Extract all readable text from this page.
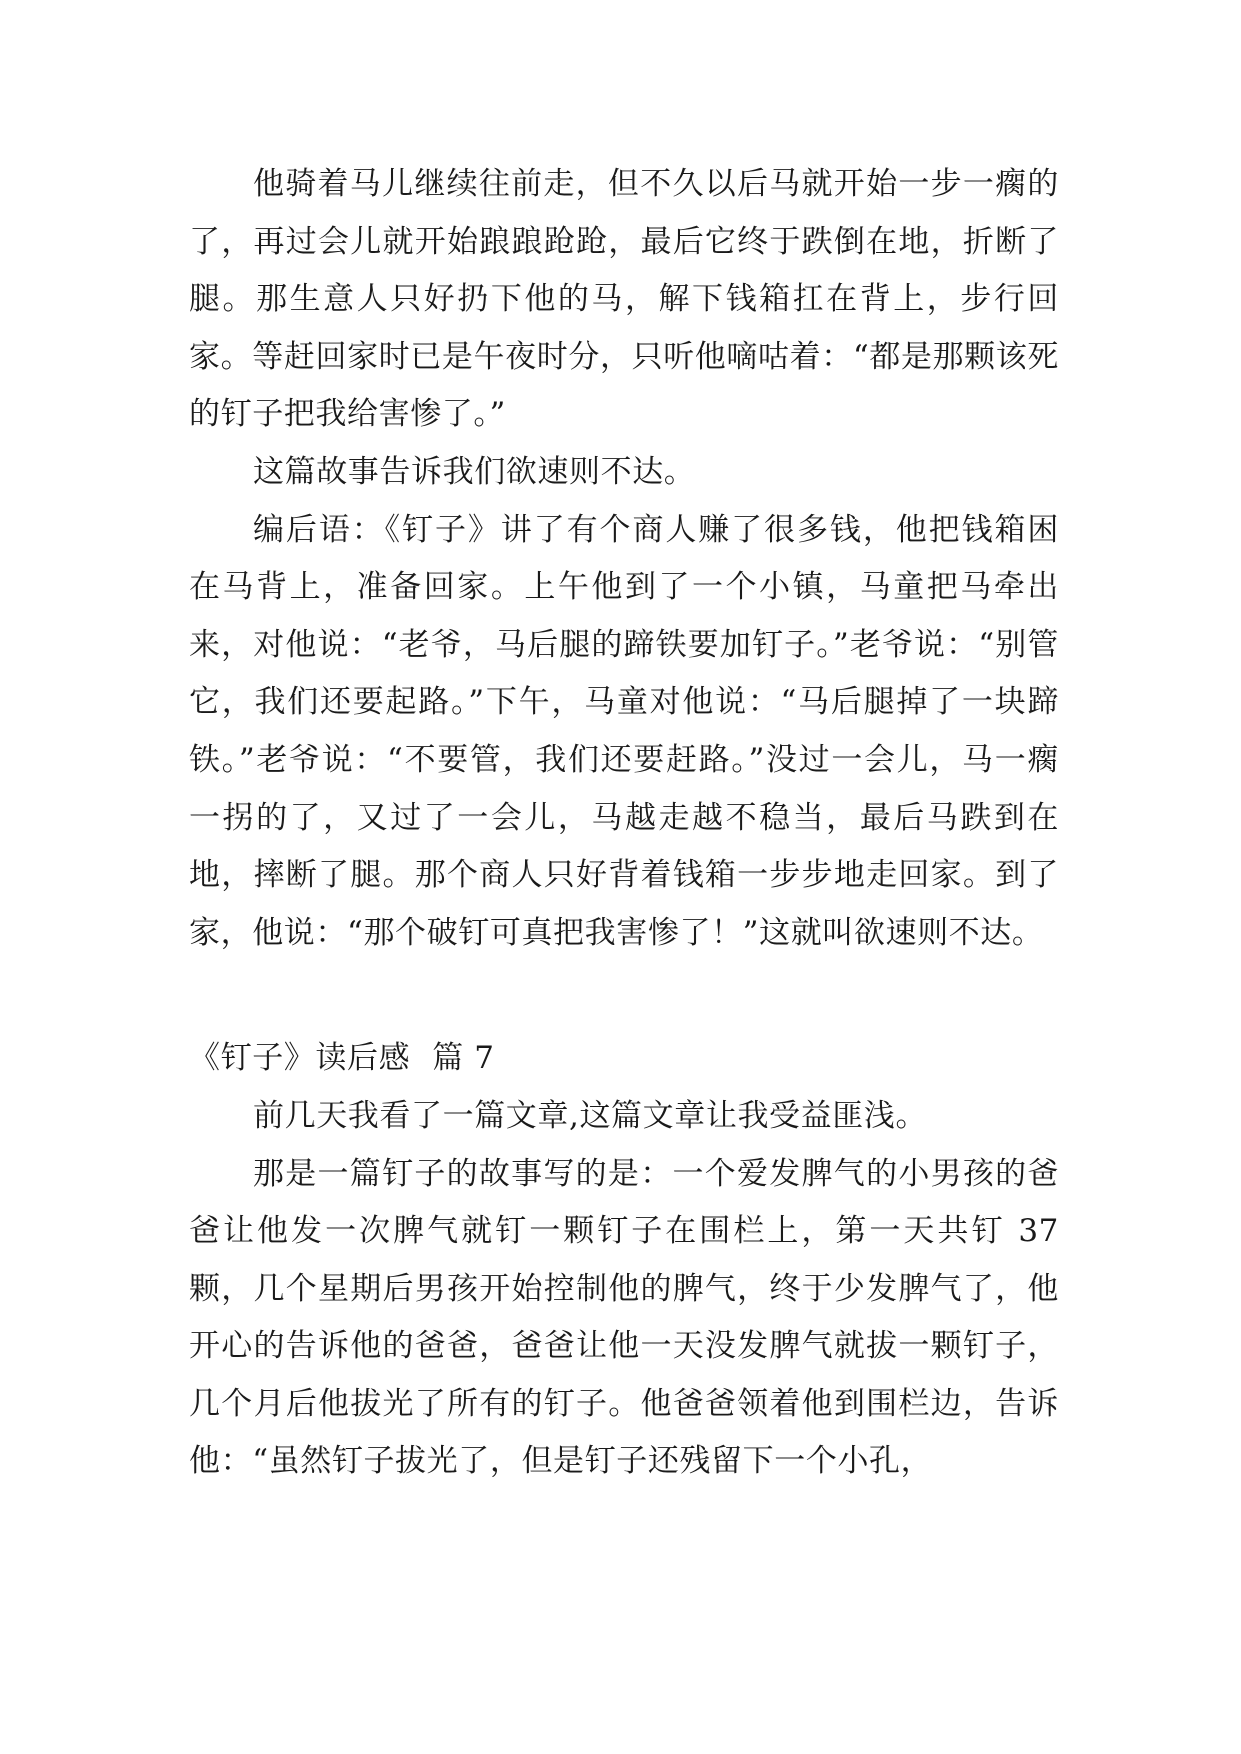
他骑着马儿继续往前走，但不久以后马就开始一步一瘸的了，再过会儿就开始踉踉跄跄，最后它终于跌倒在地，折断了腿。那生意人只好扔下他的马，解下钱箱扛在背上，步行回家。等赶回家时已是午夜时分，只听他嘀咕着：“都是那颗该死的钉子把我给害惨了。”

这篇故事告诉我们欲速则不达。

编后语：《钉子》讲了有个商人赚了很多钱，他把钱箱困在马背上，准备回家。上午他到了一个小镇，马童把马牵出来，对他说：“老爷，马后腿的蹄铁要加钉子。”老爷说：“别管它，我们还要起路。”下午，马童对他说：“马后腿掉了一块蹄铁。”老爷说：“不要管，我们还要赶路。”没过一会儿，马一瘸一拐的了，又过了一会儿，马越走越不稳当，最后马跌到在地，摔断了腿。那个商人只好背着钱箱一步步地走回家。到了家，他说：“那个破钉可真把我害惨了！”这就叫欲速则不达。

《钉子》读后感 篇 7

前几天我看了一篇文章,这篇文章让我受益匪浅。

那是一篇钉子的故事写的是：一个爱发脾气的小男孩的爸爸让他发一次脾气就钉一颗钉子在围栏上，第一天共钉 37 颗，几个星期后男孩开始控制他的脾气，终于少发脾气了，他开心的告诉他的爸爸，爸爸让他一天没发脾气就拔一颗钉子，几个月后他拔光了所有的钉子。他爸爸领着他到围栏边，告诉他：“虽然钉子拔光了，但是钉子还残留下一个小孔，
